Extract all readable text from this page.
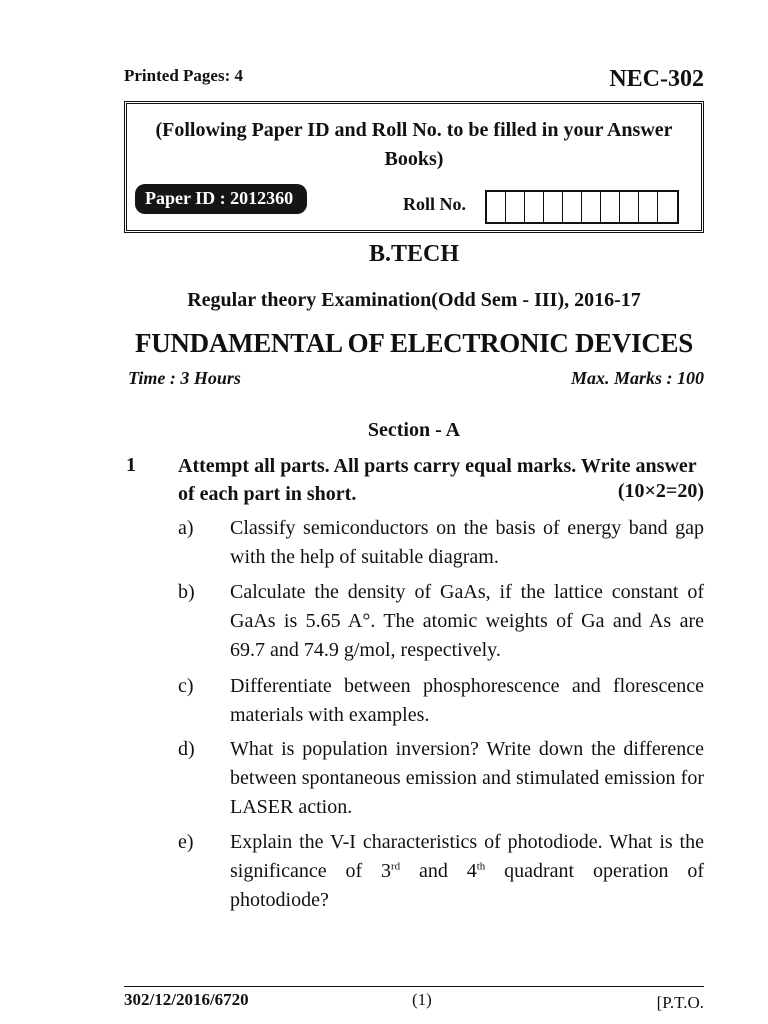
Printed Pages: 4	NEC-302
(Following Paper ID and Roll No. to be filled in your Answer Books)
Paper ID : 2012360	Roll No.
B.TECH
Regular theory Examination(Odd Sem - III), 2016-17
FUNDAMENTAL OF ELECTRONIC DEVICES
Time : 3 Hours	Max. Marks : 100
Section - A
1 Attempt all parts. All parts carry equal marks. Write answer of each part in short.	(10×2=20)
a)	Classify semiconductors on the basis of energy band gap with the help of suitable diagram.
b)	Calculate the density of GaAs, if the lattice constant of GaAs is 5.65 A°. The atomic weights of Ga and As are 69.7 and 74.9 g/mol, respectively.
c)	Differentiate between phosphorescence and florescence materials with examples.
d)	What is population inversion? Write down the difference between spontaneous emission and stimulated emission for LASER action.
e)	Explain the V-I characteristics of photodiode. What is the significance of 3rd and 4th quadrant operation of photodiode?
302/12/2016/6720	(1)	[P.T.O.
